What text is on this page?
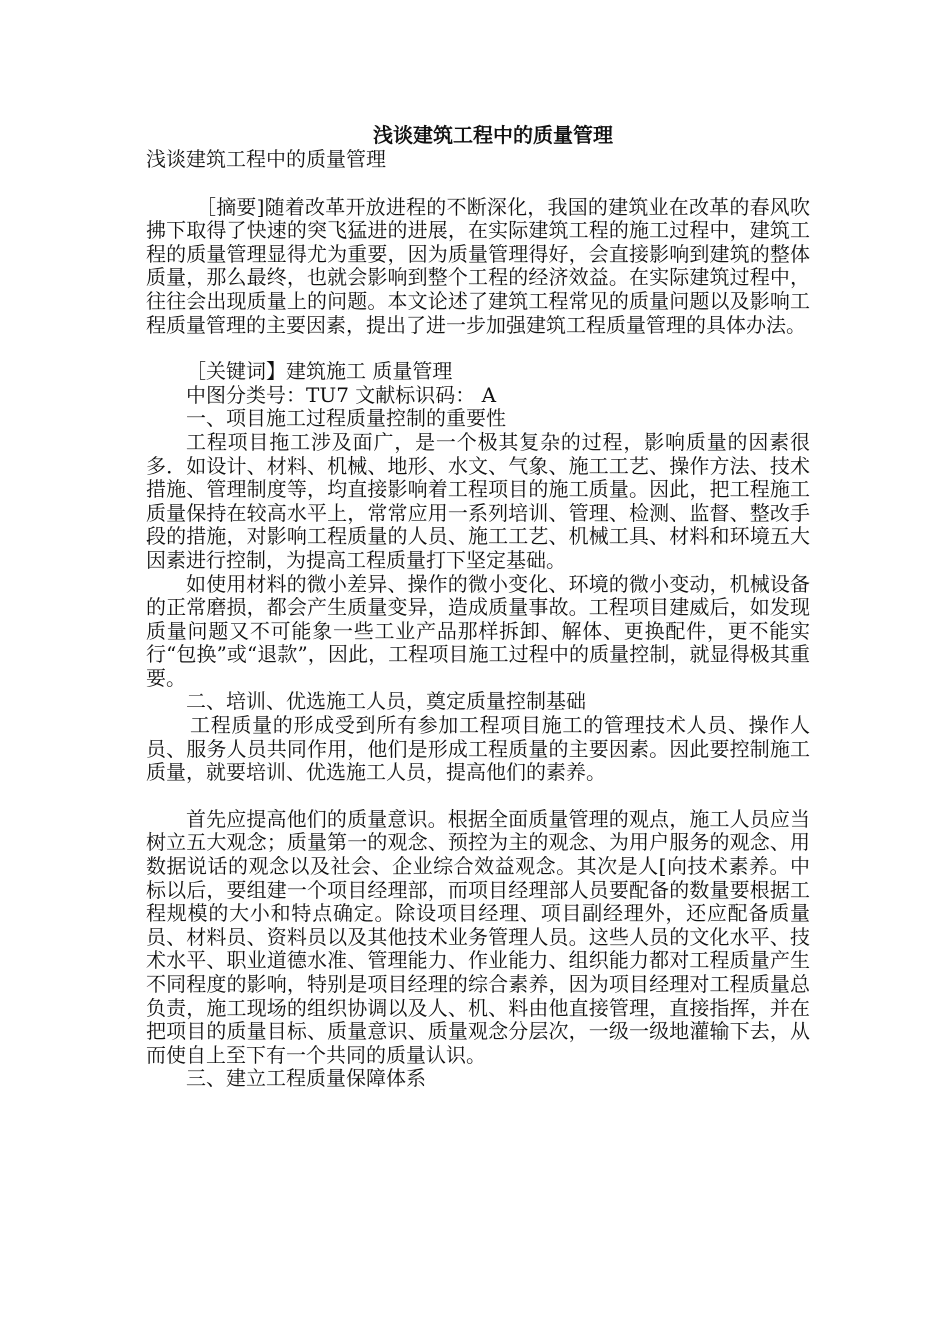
浅谈建筑工程中的质量管理

浅谈建筑工程中的质量管理

［摘要]随着改革开放进程的不断深化，我国的建筑业在改革的春风吹拂下取得了快速的突飞猛进的进展，在实际建筑工程的施工过程中，建筑工程的质量管理显得尤为重要，因为质量管理得好，会直接影响到建筑的整体质量，那么最终，也就会影响到整个工程的经济效益。在实际建筑过程中，往往会出现质量上的问题。本文论述了建筑工程常见的质量问题以及影响工程质量管理的主要因素，提出了进一步加强建筑工程质量管理的具体办法。

［关键词】建筑施工 质量管理

中图分类号：TU7 文献标识码： A

一、项目施工过程质量控制的重要性

工程项目拖工涉及面广，是一个极其复杂的过程，影响质量的因素很多．如设计、材料、机械、地形、水文、气象、施工工艺、操作方法、技术措施、管理制度等，均直接影响着工程项目的施工质量。因此，把工程施工质量保持在较高水平上，常常应用一系列培训、管理、检测、监督、整改手段的措施，对影响工程质量的人员、施工工艺、机械工具、材料和环境五大因素进行控制，为提高工程质量打下坚定基础。

如使用材料的微小差异、操作的微小变化、环境的微小变动，机械设备的正常磨损，都会产生质量变异，造成质量事故。工程项目建威后，如发现质量问题又不可能象一些工业产品那样拆卸、解体、更换配件，更不能实行“包换”或“退款”，因此，工程项目施工过程中的质量控制，就显得极其重要。

二、培训、优选施工人员，奠定质量控制基础

工程质量的形成受到所有参加工程项目施工的管理技术人员、操作人员、服务人员共同作用，他们是形成工程质量的主要因素。因此要控制施工质量，就要培训、优选施工人员，提高他们的素养。

首先应提高他们的质量意识。根据全面质量管理的观点，施工人员应当树立五大观念；质量第一的观念、预控为主的观念、为用户服务的观念、用数据说话的观念以及社会、企业综合效益观念。其次是人[向技术素养。中标以后，要组建一个项目经理部，而项目经理部人员要配备的数量要根据工程规模的大小和特点确定。除设项目经理、项目副经理外，还应配备质量员、材料员、资料员以及其他技术业务管理人员。这些人员的文化水平、技术水平、职业道德水准、管理能力、作业能力、组织能力都对工程质量产生不同程度的影响，特别是项目经理的综合素养，因为项目经理对工程质量总负责，施工现场的组织协调以及人、机、料由他直接管理，直接指挥，并在把项目的质量目标、质量意识、质量观念分层次，一级一级地灌输下去，从而使自上至下有一个共同的质量认识。

三、建立工程质量保障体系
